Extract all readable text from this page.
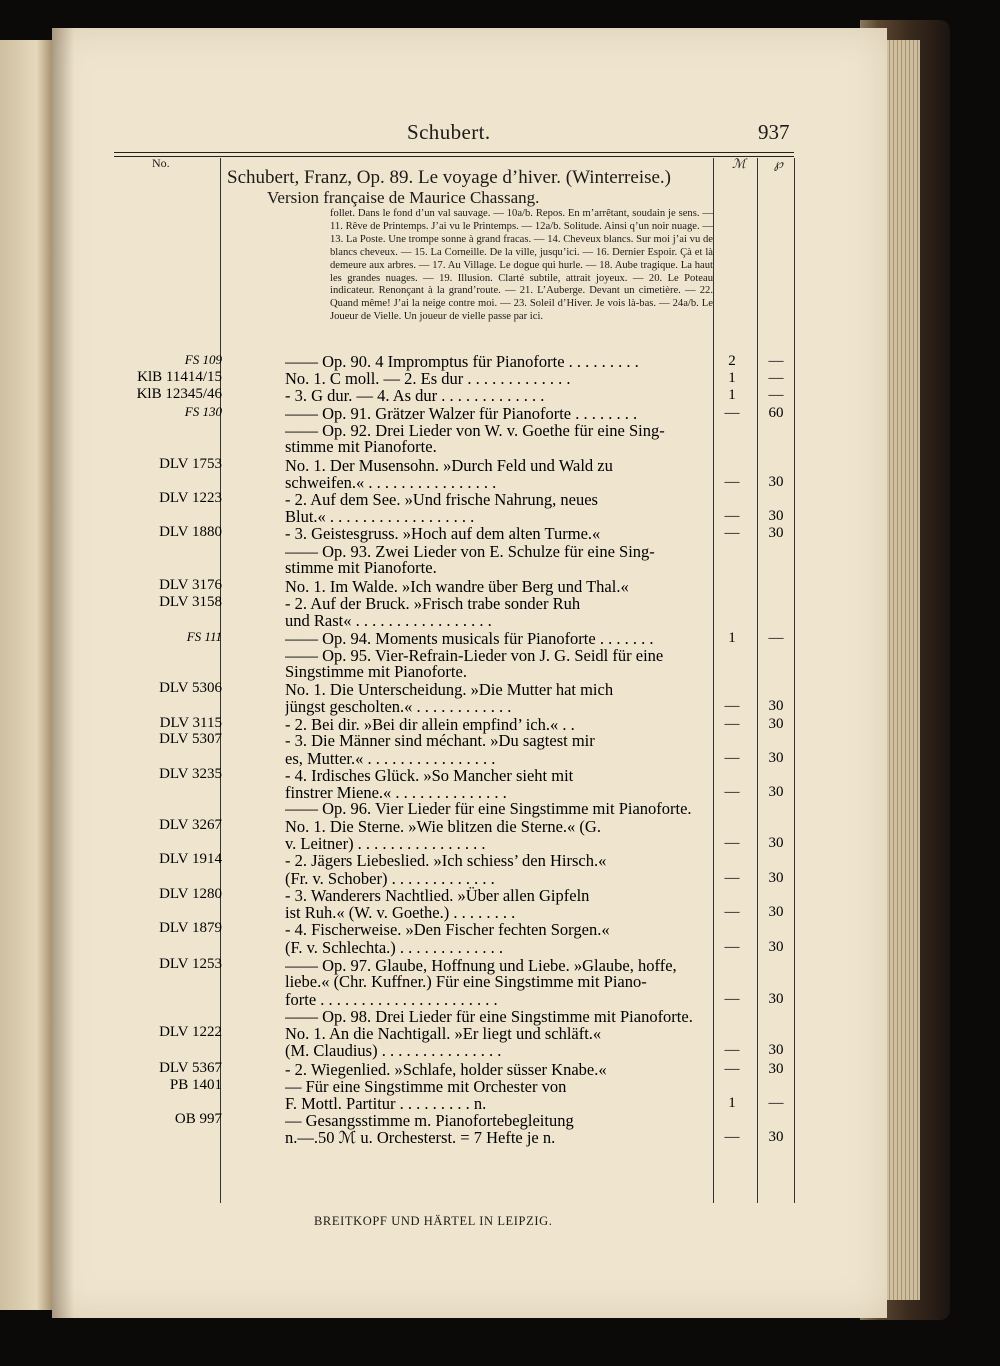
Schubert.	937
No.	ℳ ℘
Schubert, Franz, Op. 89. Le voyage d’hiver. (Winterreise.)
Version française de Maurice Chassang.
follet. Dans le fond d’un val sauvage. — 10a/b. Repos. En m’arrêtant, soudain je sens. — 11. Rêve de Printemps. J’ai vu le Printemps. — 12a/b. Solitude. Ainsi q’un noir nuage. — 13. La Poste. Une trompe sonne à grand fracas. — 14. Cheveux blancs. Sur moi j’ai vu de blancs cheveux. — 15. La Corneille. De la ville, jusqu’ici. — 16. Dernier Espoir. Çà et là demeure aux arbres. — 17. Au Village. Le dogue qui hurle. — 18. Aube tragique. La haut les grandes nuages. — 19. Illusion. Clarté subtile, attrait joyeux. — 20. Le Poteau indicateur. Renonçant à la grand’route. — 21. L’Auberge. Devant un cimetière. — 22. Quand même! J’ai la neige contre moi. — 23. Soleil d’Hiver. Je vois là-bas. — 24a/b. Le Joueur de Vielle. Un joueur de vielle passe par ici.
FS 109	—— Op. 90. 4 Impromptus für Pianoforte . . . . . . . . .	2	—
KlB 11414/15	No. 1. C moll. — 2. Es dur . . . . . . . . . . . . .	1	—
KlB 12345/46	- 3. G dur. — 4. As dur . . . . . . . . . . . . .	1	—
FS 130	—— Op. 91. Grätzer Walzer für Pianoforte . . . . . . . .	—	60
—— Op. 92. Drei Lieder von W. v. Goethe für eine Sing-
stimme mit Pianoforte.
DLV 1753	No. 1. Der Musensohn. »Durch Feld und Wald zu
schweifen.« . . . . . . . . . . . . . . . .	—	30
DLV 1223	- 2. Auf dem See. »Und frische Nahrung, neues
Blut.« . . . . . . . . . . . . . . . . . .	—	30
DLV 1880	- 3. Geistesgruss. »Hoch auf dem alten Turme.«	—	30
—— Op. 93. Zwei Lieder von E. Schulze für eine Sing-
stimme mit Pianoforte.
DLV 3176	No. 1. Im Walde. »Ich wandre über Berg und Thal.«
DLV 3158	- 2. Auf der Bruck. »Frisch trabe sonder Ruh
und Rast« . . . . . . . . . . . . . . . . .
FS 111	—— Op. 94. Moments musicals für Pianoforte . . . . . . .	1	—
—— Op. 95. Vier-Refrain-Lieder von J. G. Seidl für eine
Singstimme mit Pianoforte.
DLV 5306	No. 1. Die Unterscheidung. »Die Mutter hat mich
jüngst gescholten.« . . . . . . . . . . . .	—	30
DLV 3115	- 2. Bei dir. »Bei dir allein empfind’ ich.« . .	—	30
DLV 5307	- 3. Die Männer sind méchant. »Du sagtest mir
es, Mutter.« . . . . . . . . . . . . . . . .	—	30
DLV 3235	- 4. Irdisches Glück. »So Mancher sieht mit
finstrer Miene.« . . . . . . . . . . . . . .	—	30
—— Op. 96. Vier Lieder für eine Singstimme mit Pianoforte.
DLV 3267	No. 1. Die Sterne. »Wie blitzen die Sterne.« (G.
v. Leitner) . . . . . . . . . . . . . . . .	—	30
DLV 1914	- 2. Jägers Liebeslied. »Ich schiess’ den Hirsch.«
(Fr. v. Schober) . . . . . . . . . . . . .	—	30
DLV 1280	- 3. Wanderers Nachtlied. »Über allen Gipfeln
ist Ruh.« (W. v. Goethe.) . . . . . . . .	—	30
DLV 1879	- 4. Fischerweise. »Den Fischer fechten Sorgen.«
(F. v. Schlechta.) . . . . . . . . . . . . .	—	30
DLV 1253	—— Op. 97. Glaube, Hoffnung und Liebe. »Glaube, hoffe,
liebe.« (Chr. Kuffner.) Für eine Singstimme mit Piano-
forte . . . . . . . . . . . . . . . . . . . . . .	—	30
—— Op. 98. Drei Lieder für eine Singstimme mit Pianoforte.
DLV 1222	No. 1. An die Nachtigall. »Er liegt und schläft.«
(M. Claudius) . . . . . . . . . . . . . . .	—	30
DLV 5367	- 2. Wiegenlied. »Schlafe, holder süsser Knabe.«	—	30
PB 1401	— Für eine Singstimme mit Orchester von
F. Mottl. Partitur . . . . . . . . . n.	1	—
OB 997	— Gesangsstimme m. Pianofortebegleitung
n.—.50 ℳ u. Orchesterst. = 7 Hefte je n.	—	30
BREITKOPF UND HÄRTEL IN LEIPZIG.
